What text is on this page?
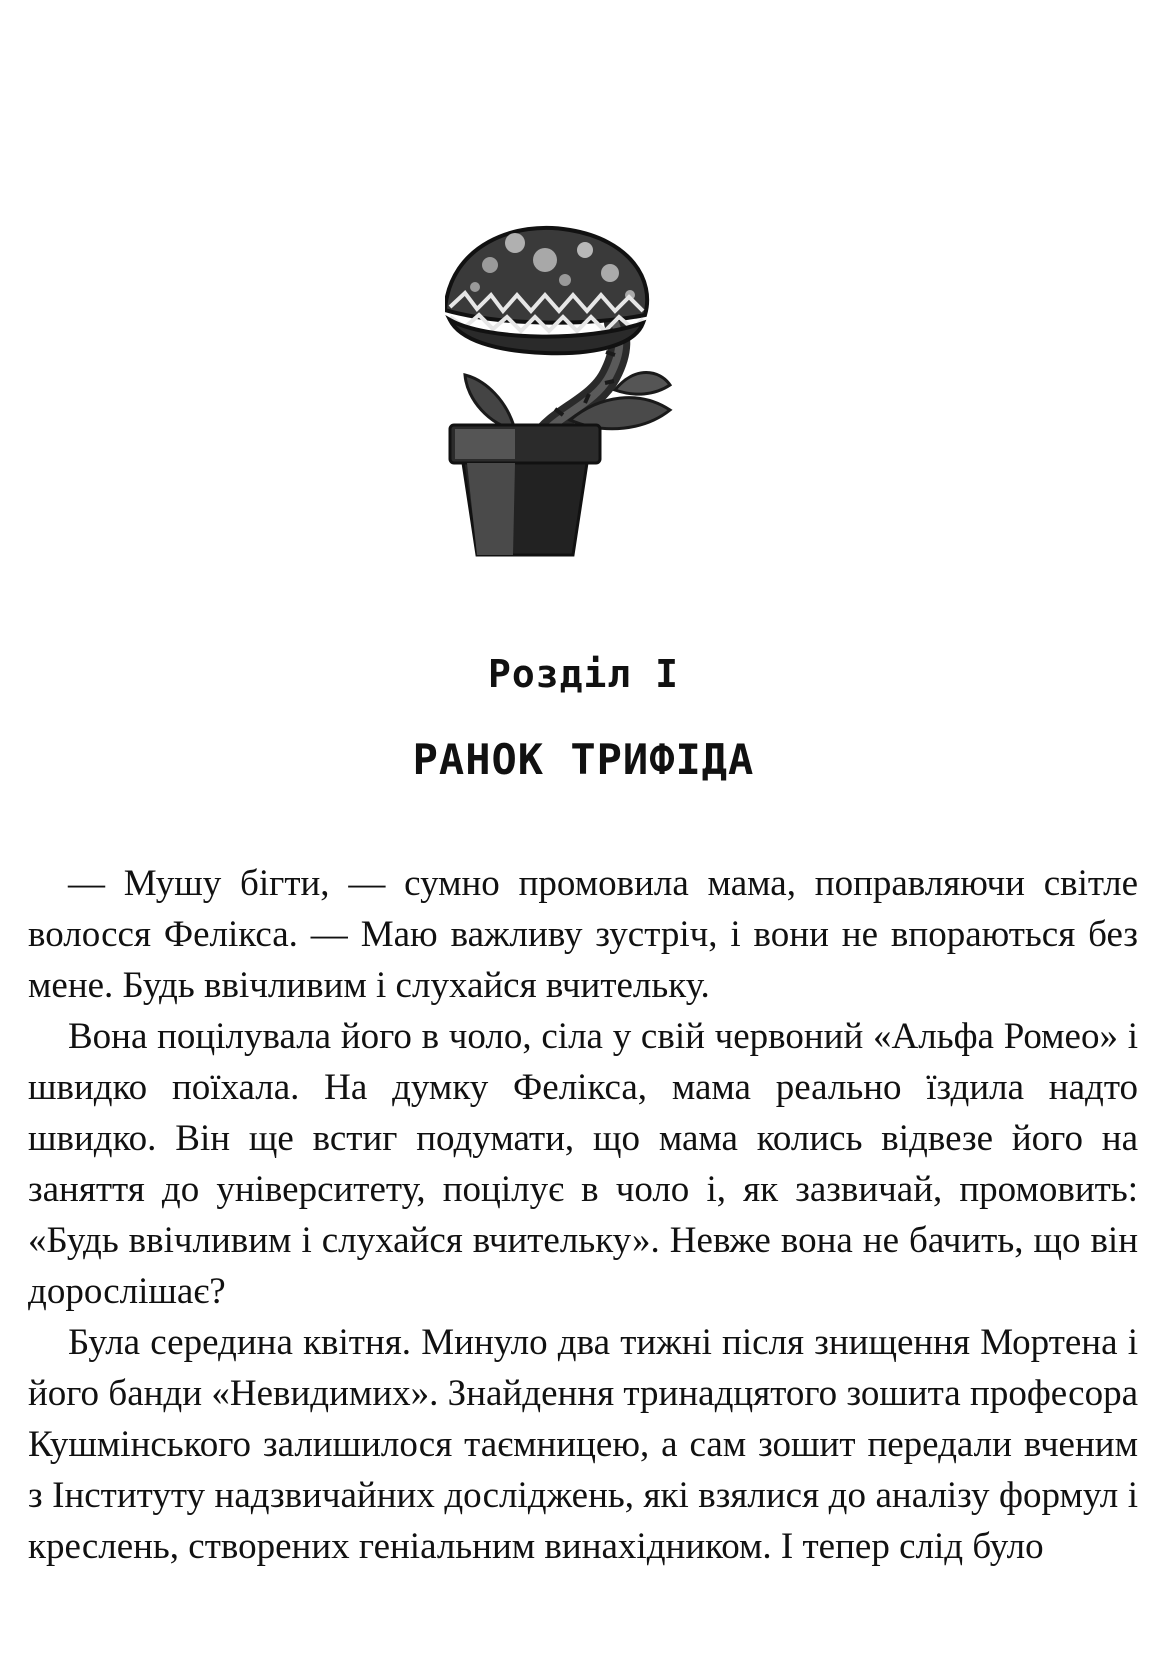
Розділ І
РАНОК ТРИФІДА

— Мушу бігти, — сумно промовила мама, поправляючи світле волосся Фелікса. — Маю важливу зустріч, і вони не впораються без мене. Будь ввічливим і слухайся вчительку.

Вона поцілувала його в чоло, сіла у свій червоний «Альфа Ромео» і швидко поїхала. На думку Фелікса, мама реально їздила надто швидко. Він ще встиг подумати, що мама колись відвезе його на заняття до університету, поцілує в чоло і, як зазвичай, промовить: «Будь ввічливим і слухайся вчительку». Невже вона не бачить, що він дорослішає?

Була середина квітня. Минуло два тижні після знищення Мортена і його банди «Невидимих». Знайдення тринадцятого зошита професора Кушмінського залишилося таємницею, а сам зошит передали вченим з Інституту надзвичайних досліджень, які взялися до аналізу формул і креслень, створених геніальним винахідником. І тепер слід було
